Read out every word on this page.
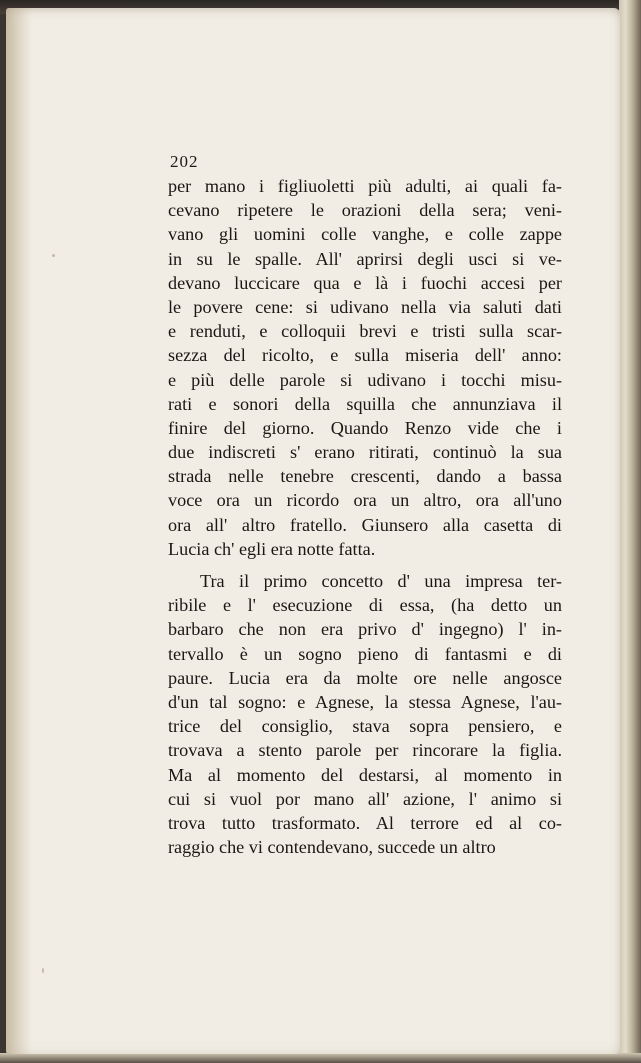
202
per mano i figliuoletti più adulti, ai quali fa-
cevano ripetere le orazioni della sera; veni-
vano gli uomini colle vanghe, e colle zappe
in su le spalle. All' aprirsi degli usci si ve-
devano luccicare qua e là i fuochi accesi per
le povere cene: si udivano nella via saluti dati
e renduti, e colloquii brevi e tristi sulla scar-
sezza del ricolto, e sulla miseria dell' anno:
e più delle parole si udivano i tocchi misu-
rati e sonori della squilla che annunziava il
finire del giorno. Quando Renzo vide che i
due indiscreti s' erano ritirati, continuò la sua
strada nelle tenebre crescenti, dando a bassa
voce ora un ricordo ora un altro, ora all'uno
ora all' altro fratello. Giunsero alla casetta di
Lucia ch' egli era notte fatta.
Tra il primo concetto d' una impresa ter-
ribile e l' esecuzione di essa, (ha detto un
barbaro che non era privo d' ingegno) l' in-
tervallo è un sogno pieno di fantasmi e di
paure. Lucia era da molte ore nelle angosce
d'un tal sogno: e Agnese, la stessa Agnese, l'au-
trice del consiglio, stava sopra pensiero, e
trovava a stento parole per rincorare la figlia.
Ma al momento del destarsi, al momento in
cui si vuol por mano all' azione, l' animo si
trova tutto trasformato. Al terrore ed al co-
raggio che vi contendevano, succede un altro
